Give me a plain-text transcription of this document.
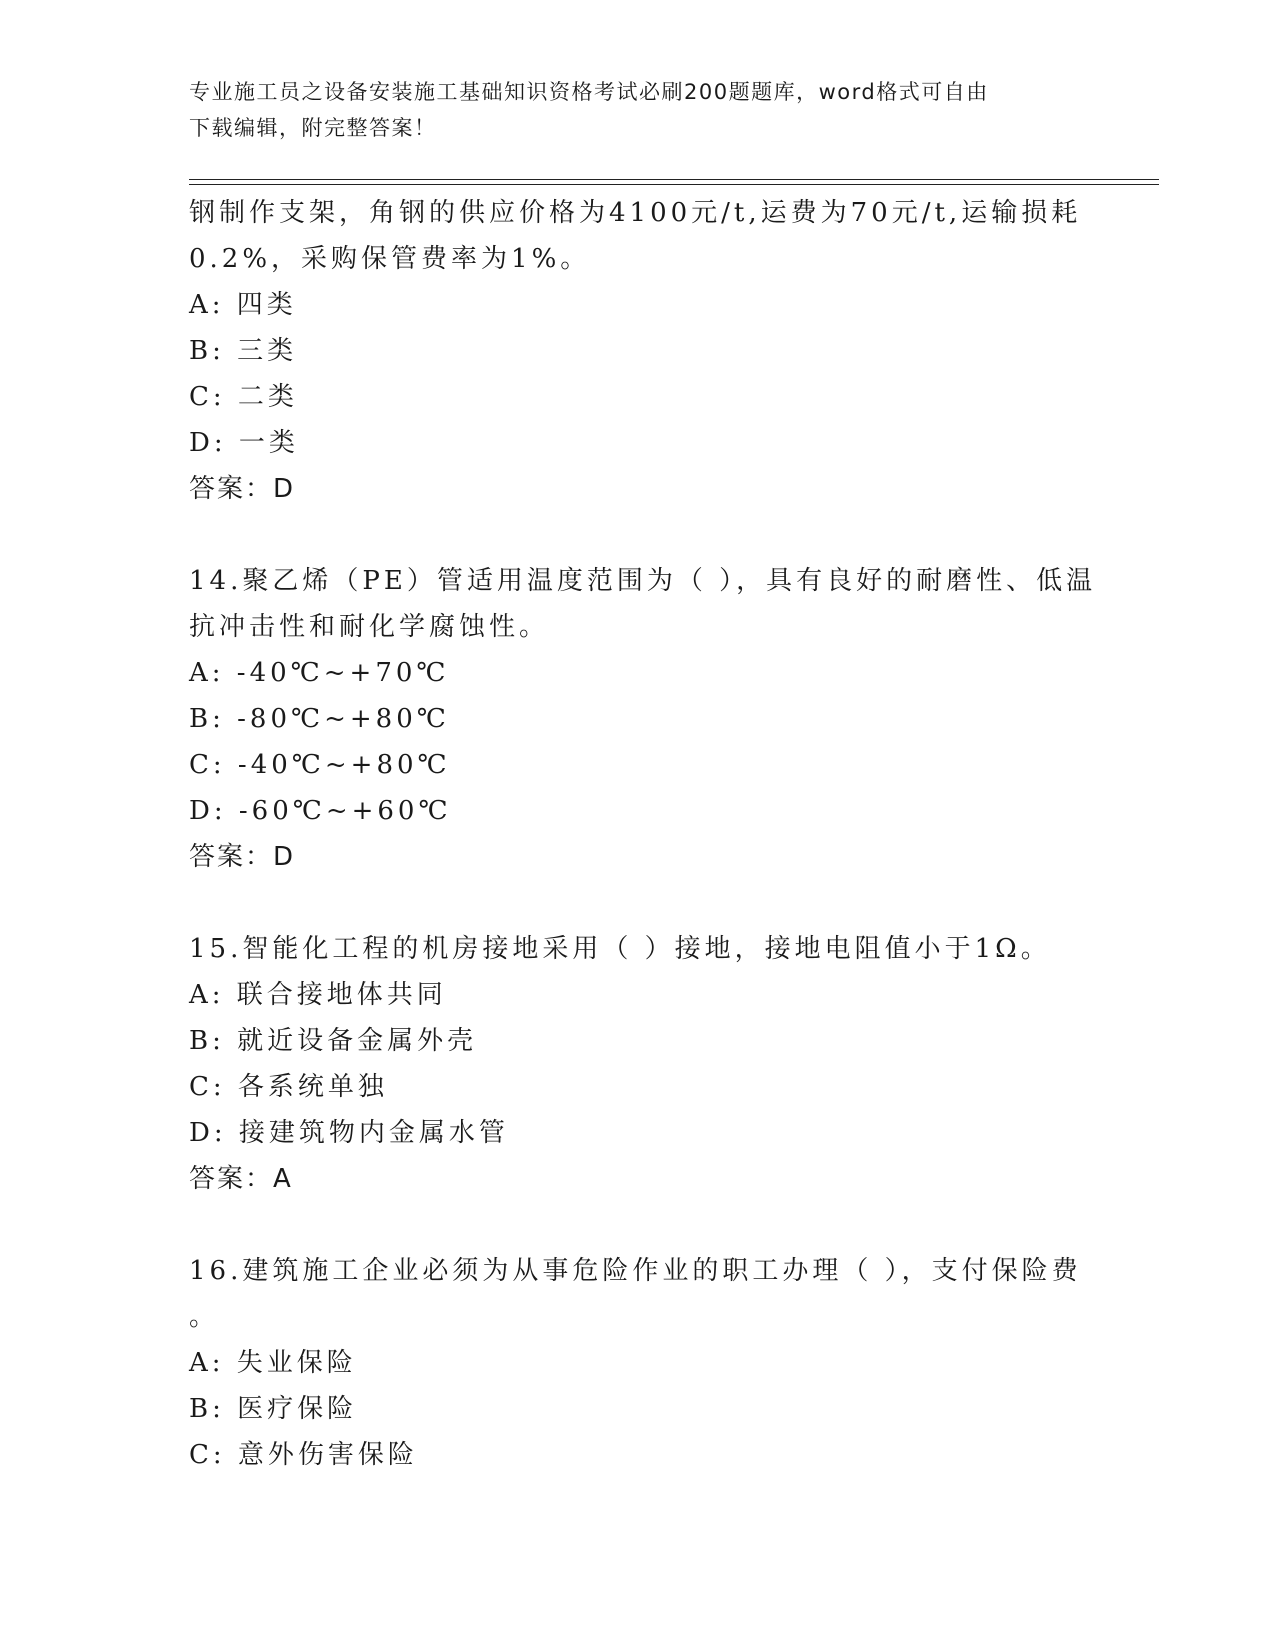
专业施工员之设备安装施工基础知识资格考试必刷200题题库，word格式可自由
下载编辑，附完整答案！
钢制作支架，角钢的供应价格为4100元/t,运费为70元/t,运输损耗
0.2%，采购保管费率为1%。
A: 四类
B: 三类
C: 二类
D: 一类
答案：D
14.聚乙烯（PE）管适用温度范围为（ ），具有良好的耐磨性、低温
抗冲击性和耐化学腐蚀性。
A: -40℃~+70℃
B: -80℃~+80℃
C: -40℃~+80℃
D: -60℃~+60℃
答案：D
15.智能化工程的机房接地采用（ ）接地，接地电阻值小于1Ω。
A: 联合接地体共同
B: 就近设备金属外壳
C: 各系统单独
D: 接建筑物内金属水管
答案：A
16.建筑施工企业必须为从事危险作业的职工办理（ ），支付保险费
。
A: 失业保险
B: 医疗保险
C: 意外伤害保险
